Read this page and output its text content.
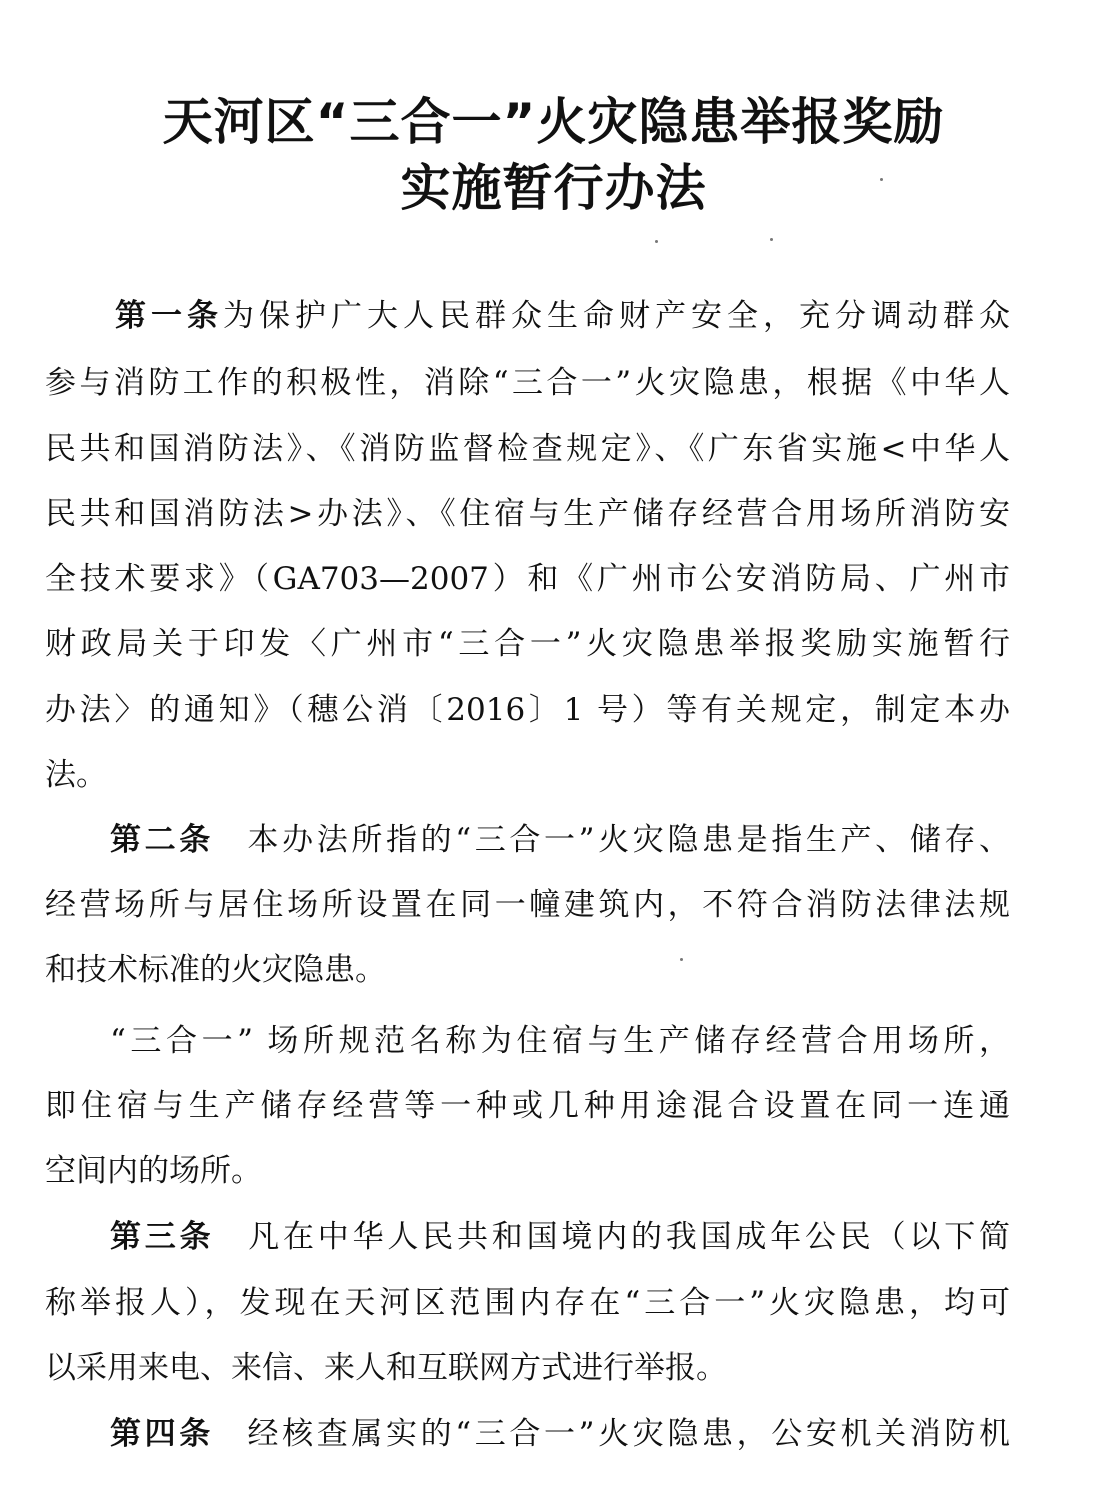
天河区“三合一”火灾隐患举报奖励
实施暂行办法
第一条为保护广大人民群众生命财产安全，充分调动群众
参与消防工作的积极性，消除“三合一”火灾隐患，根据《中华人
民共和国消防法》、《消防监督检查规定》、《广东省实施<中华人
民共和国消防法>办法》、《住宿与生产储存经营合用场所消防安
全技术要求》（GA703—2007）和《广州市公安消防局、广州市
财政局关于印发〈广州市“三合一”火灾隐患举报奖励实施暂行
办法〉的通知》（穗公消〔2016〕1 号）等有关规定，制定本办
法。
第二条 本办法所指的“三合一”火灾隐患是指生产、储存、
经营场所与居住场所设置在同一幢建筑内，不符合消防法律法规
和技术标准的火灾隐患。
“三合一” 场所规范名称为住宿与生产储存经营合用场所，
即住宿与生产储存经营等一种或几种用途混合设置在同一连通
空间内的场所。
第三条 凡在中华人民共和国境内的我国成年公民（以下简
称举报人），发现在天河区范围内存在“三合一”火灾隐患，均可
以采用来电、来信、来人和互联网方式进行举报。
第四条 经核查属实的“三合一”火灾隐患，公安机关消防机
